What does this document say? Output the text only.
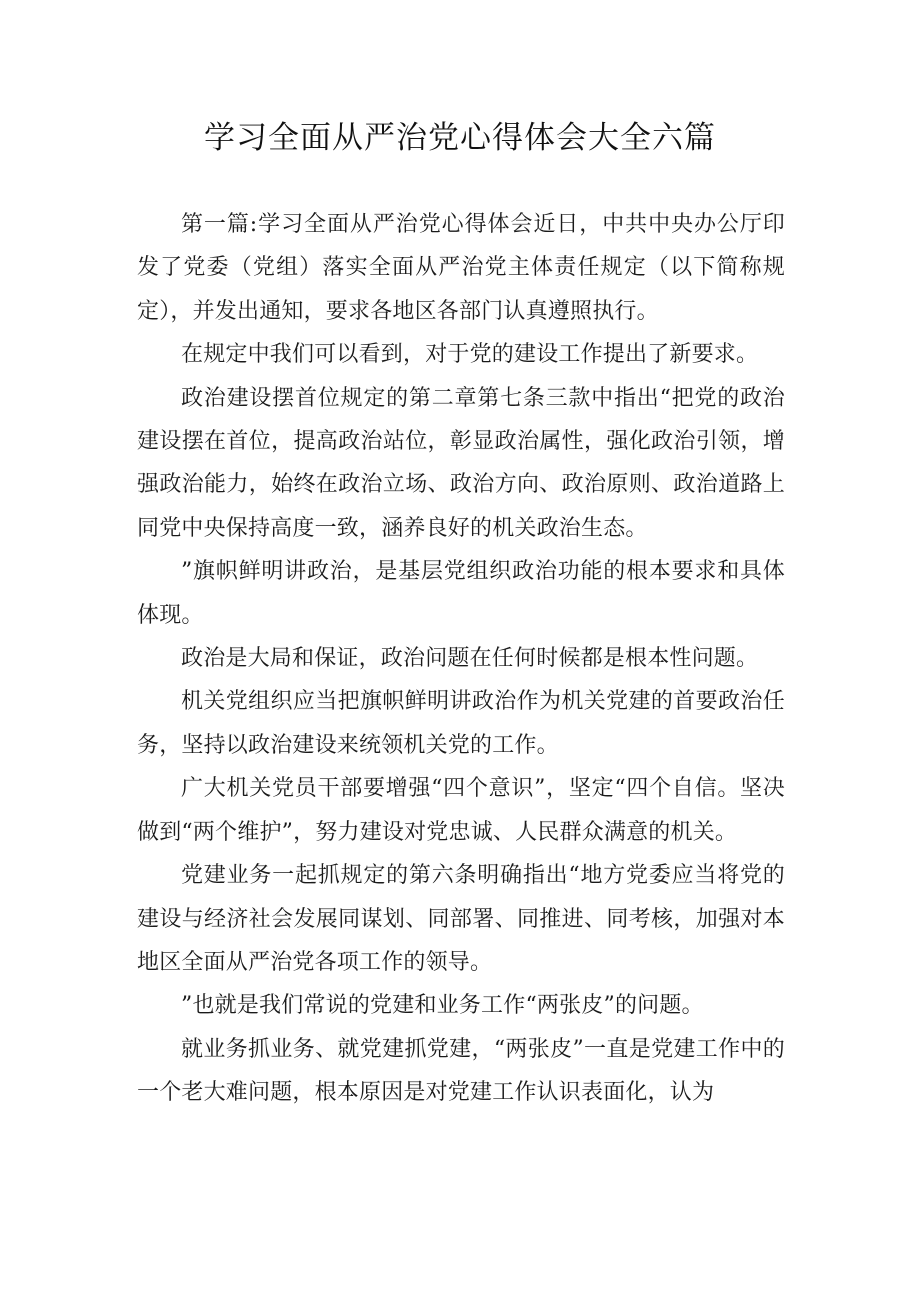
学习全面从严治党心得体会大全六篇

第一篇:学习全面从严治党心得体会近日，中共中央办公厅印发了党委（党组）落实全面从严治党主体责任规定（以下简称规定），并发出通知，要求各地区各部门认真遵照执行。

在规定中我们可以看到，对于党的建设工作提出了新要求。

政治建设摆首位规定的第二章第七条三款中指出“把党的政治建设摆在首位，提高政治站位，彰显政治属性，强化政治引领，增强政治能力，始终在政治立场、政治方向、政治原则、政治道路上同党中央保持高度一致，涵养良好的机关政治生态。

”旗帜鲜明讲政治，是基层党组织政治功能的根本要求和具体体现。

政治是大局和保证，政治问题在任何时候都是根本性问题。

机关党组织应当把旗帜鲜明讲政治作为机关党建的首要政治任务，坚持以政治建设来统领机关党的工作。

广大机关党员干部要增强“四个意识”，坚定“四个自信。坚决做到“两个维护”，努力建设对党忠诚、人民群众满意的机关。

党建业务一起抓规定的第六条明确指出“地方党委应当将党的建设与经济社会发展同谋划、同部署、同推进、同考核，加强对本地区全面从严治党各项工作的领导。

”也就是我们常说的党建和业务工作“两张皮”的问题。

就业务抓业务、就党建抓党建，“两张皮”一直是党建工作中的一个老大难问题，根本原因是对党建工作认识表面化，认为
